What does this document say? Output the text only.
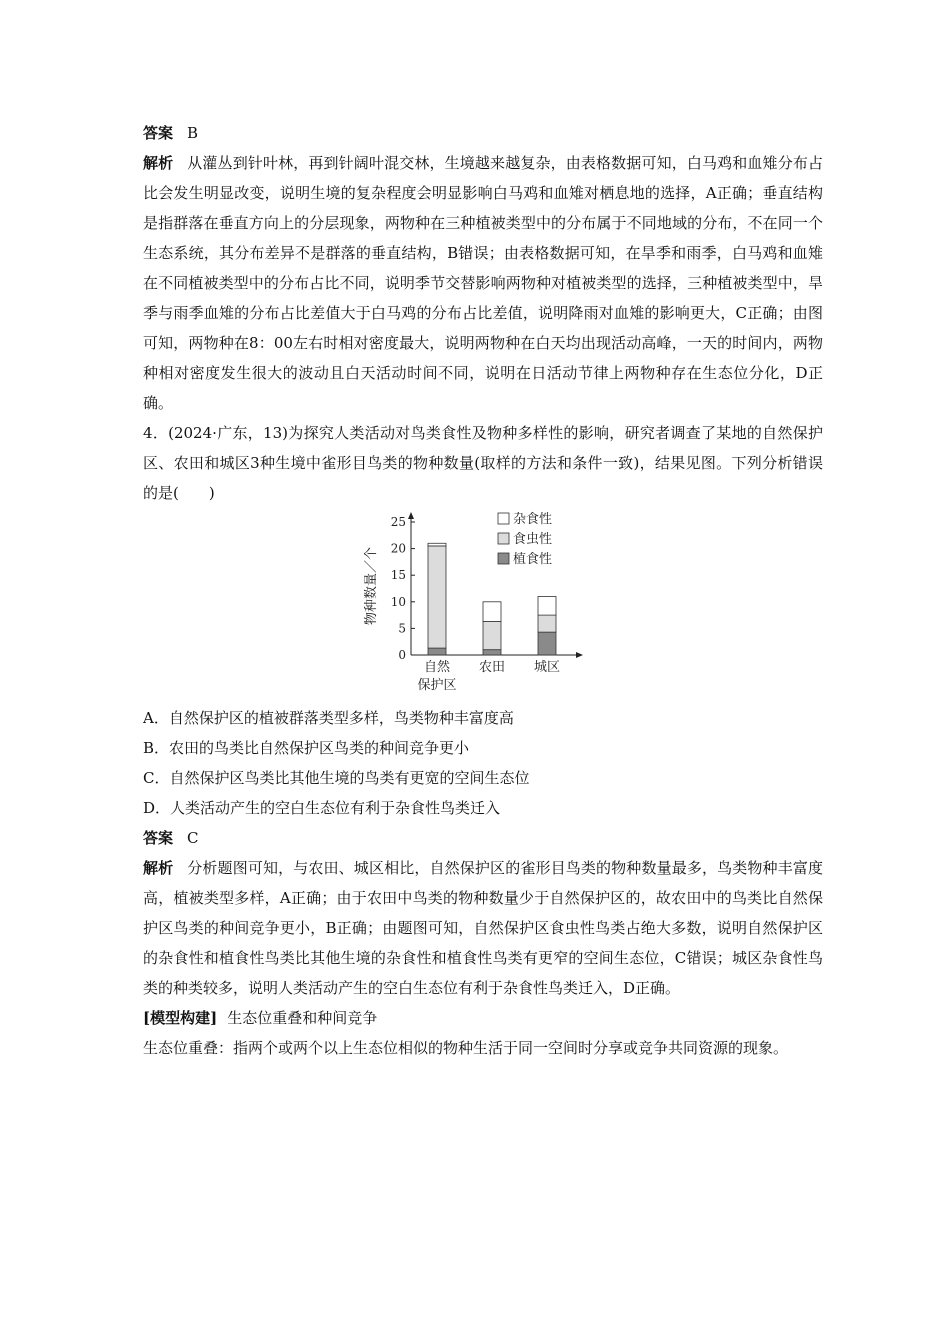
答案 B

解析 从灌丛到针叶林，再到针阔叶混交林，生境越来越复杂，由表格数据可知，白马鸡和血雉分布占比会发生明显改变，说明生境的复杂程度会明显影响白马鸡和血雉对栖息地的选择，A正确；垂直结构是指群落在垂直方向上的分层现象，两物种在三种植被类型中的分布属于不同地域的分布，不在同一个生态系统，其分布差异不是群落的垂直结构，B错误；由表格数据可知，在旱季和雨季，白马鸡和血雉在不同植被类型中的分布占比不同，说明季节交替影响两物种对植被类型的选择，三种植被类型中，旱季与雨季血雉的分布占比差值大于白马鸡的分布占比差值，说明降雨对血雉的影响更大，C正确；由图可知，两物种在8：00左右时相对密度最大，说明两物种在白天均出现活动高峰，一天的时间内，两物种相对密度发生很大的波动且白天活动时间不同，说明在日活动节律上两物种存在生态位分化，D正确。

4．(2024·广东，13)为探究人类活动对鸟类食性及物种多样性的影响，研究者调查了某地的自然保护区、农田和城区3种生境中雀形目鸟类的物种数量(取样的方法和条件一致)，结果见图。下列分析错误的是(　　)

物种数量／个
25
20
15
10
5
0
自然
保护区
农田 城区
杂食性
食虫性
植食性

A．自然保护区的植被群落类型多样，鸟类物种丰富度高

B．农田的鸟类比自然保护区鸟类的种间竞争更小

C．自然保护区鸟类比其他生境的鸟类有更宽的空间生态位

D．人类活动产生的空白生态位有利于杂食性鸟类迁入

答案 C

解析 分析题图可知，与农田、城区相比，自然保护区的雀形目鸟类的物种数量最多，鸟类物种丰富度高，植被类型多样，A正确；由于农田中鸟类的物种数量少于自然保护区的，故农田中的鸟类比自然保护区鸟类的种间竞争更小，B正确；由题图可知，自然保护区食虫性鸟类占绝大多数，说明自然保护区的杂食性和植食性鸟类比其他生境的杂食性和植食性鸟类有更窄的空间生态位，C错误；城区杂食性鸟类的种类较多，说明人类活动产生的空白生态位有利于杂食性鸟类迁入，D正确。

[模型构建] 生态位重叠和种间竞争

生态位重叠：指两个或两个以上生态位相似的物种生活于同一空间时分享或竞争共同资源的现象。
